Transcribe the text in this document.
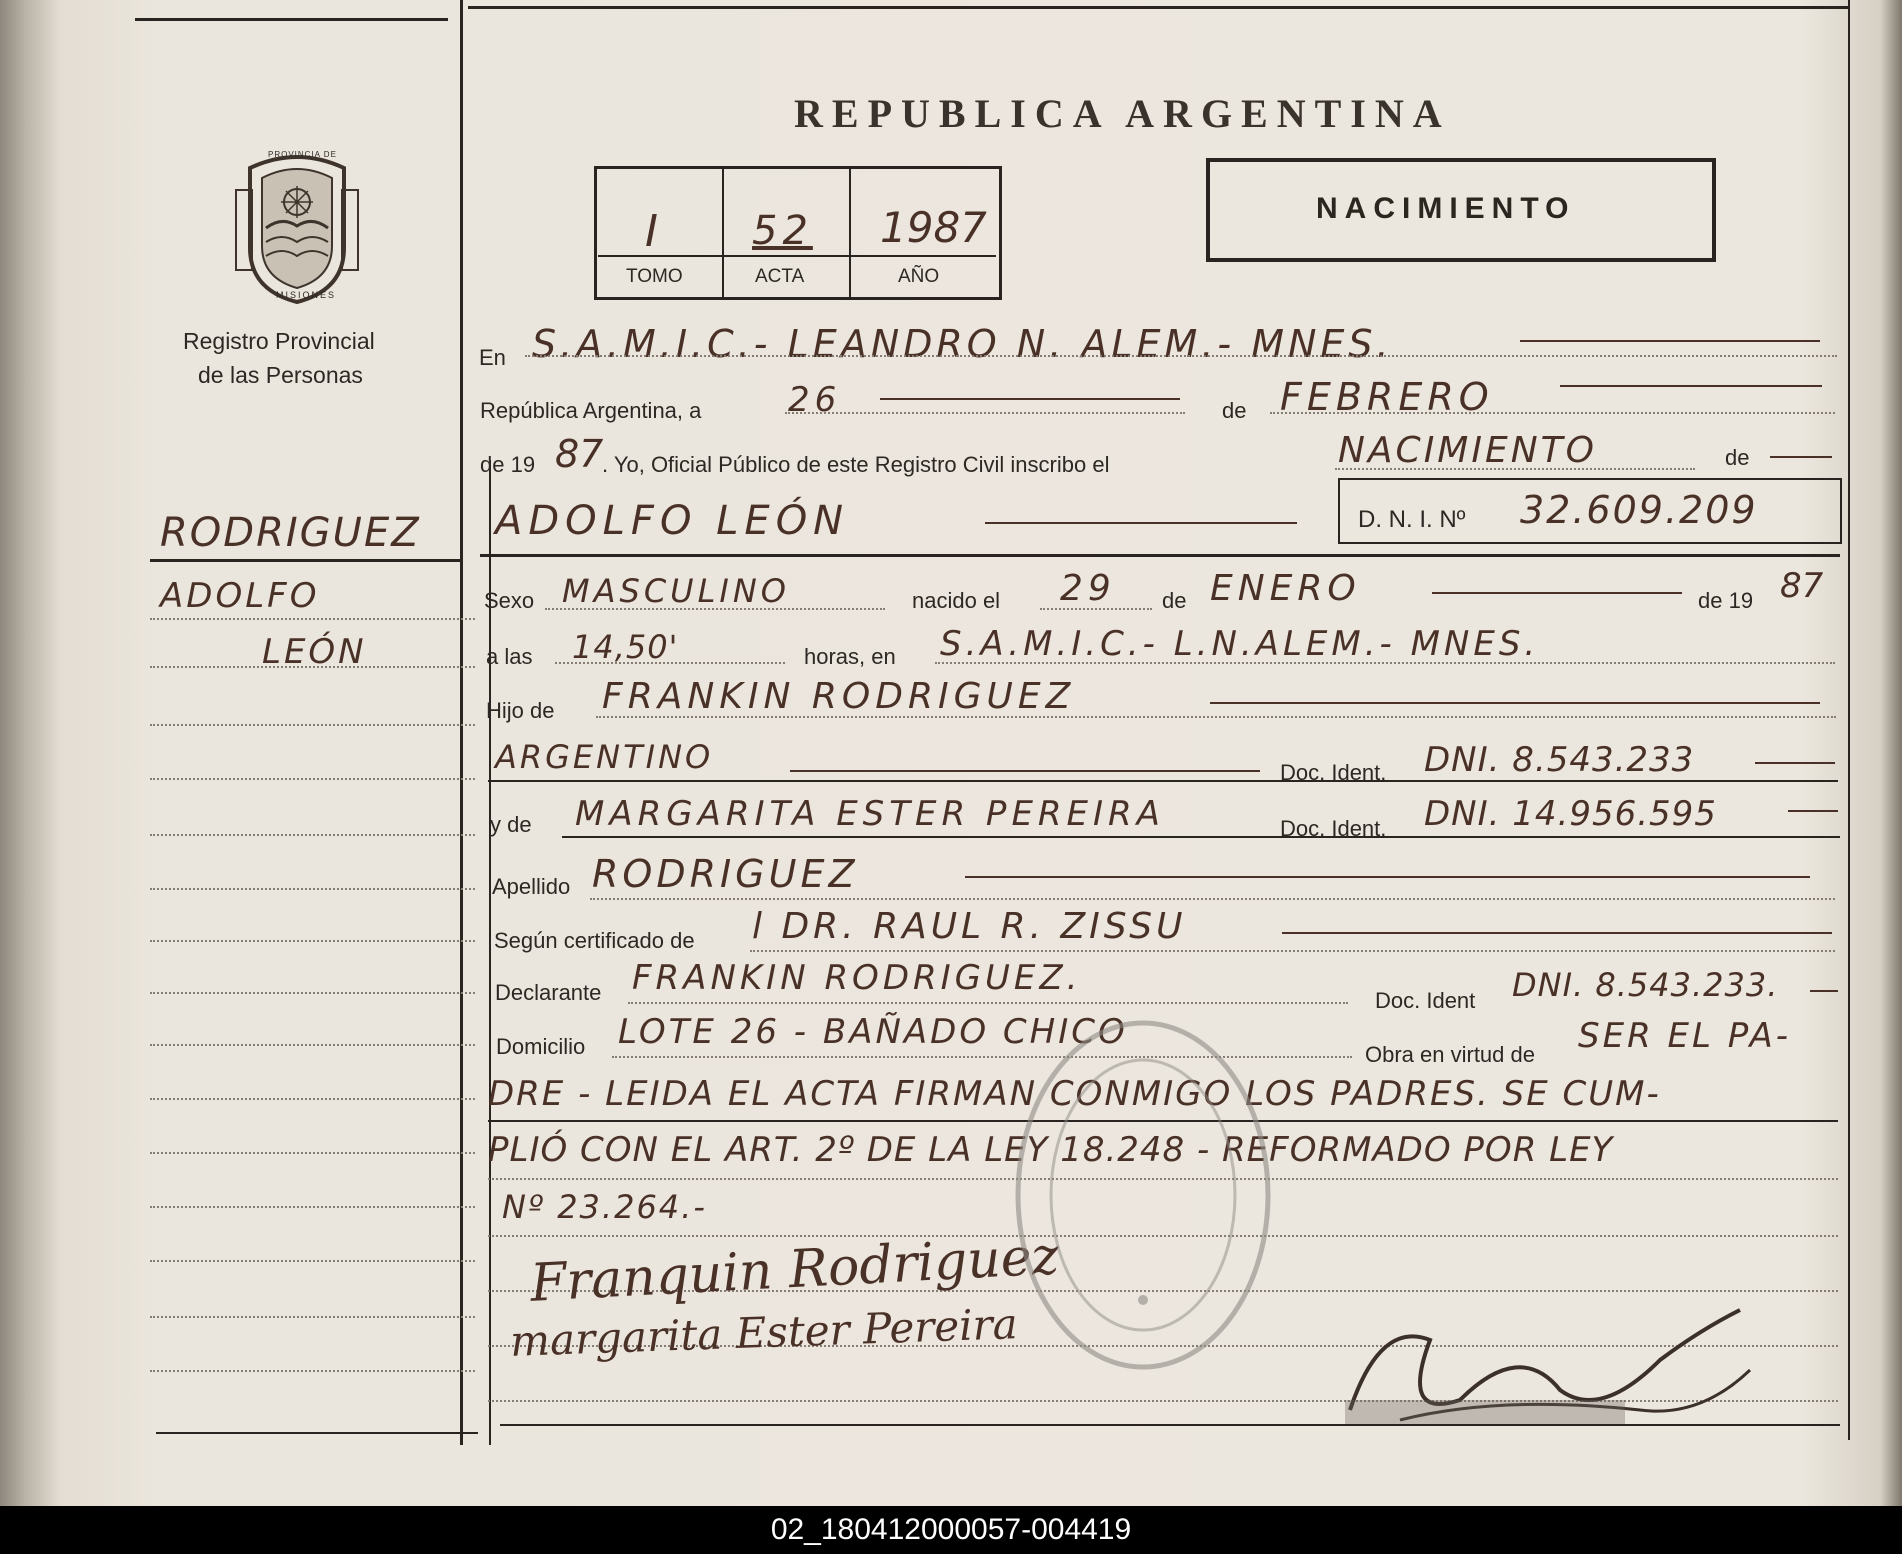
PROVINCIA DE
MISIONES
Registro Provincial
de las Personas
REPUBLICA ARGENTINA
I 52 1987
TOMO	ACTA	AÑO
NACIMIENTO
RODRIGUEZ
ADOLFO
LEÓN
En S.A.M.I.C.- LEANDRO N. ALEM.- MNES.
República Argentina, a	26	de FEBRERO
de 19 87
. Yo, Oficial Público de este Registro Civil inscribo el	NACIMIENTO	de
ADOLFO LEÓN	D. N. I. Nº 32.609.209
Sexo MASCULINO	nacido el 29 de ENERO	de 19 87
a las 14,50'	horas, en S.A.M.I.C.- L.N.ALEM.- MNES.
Hijo de FRANKIN RODRIGUEZ
ARGENTINO	Doc. Ident. DNI. 8.543.233
y de MARGARITA ESTER PEREIRA	Doc. Ident. DNI. 14.956.595
Apellido RODRIGUEZ
Según certificado de l DR. RAUL R. ZISSU
Declarante FRANKIN RODRIGUEZ.
Doc. Ident DNI. 8.543.233.
Domicilio LOTE 26 - BAÑADO CHICO
Obra en virtud de SER EL PA-
DRE - LEIDA EL ACTA FIRMAN CONMIGO LOS PADRES. SE CUM-
PLIÓ CON EL ART. 2º DE LA LEY 18.248 - REFORMADO POR LEY
Nº 23.264.-
Franquin Rodriguez
margarita Ester Pereira
02_180412000057-004419
